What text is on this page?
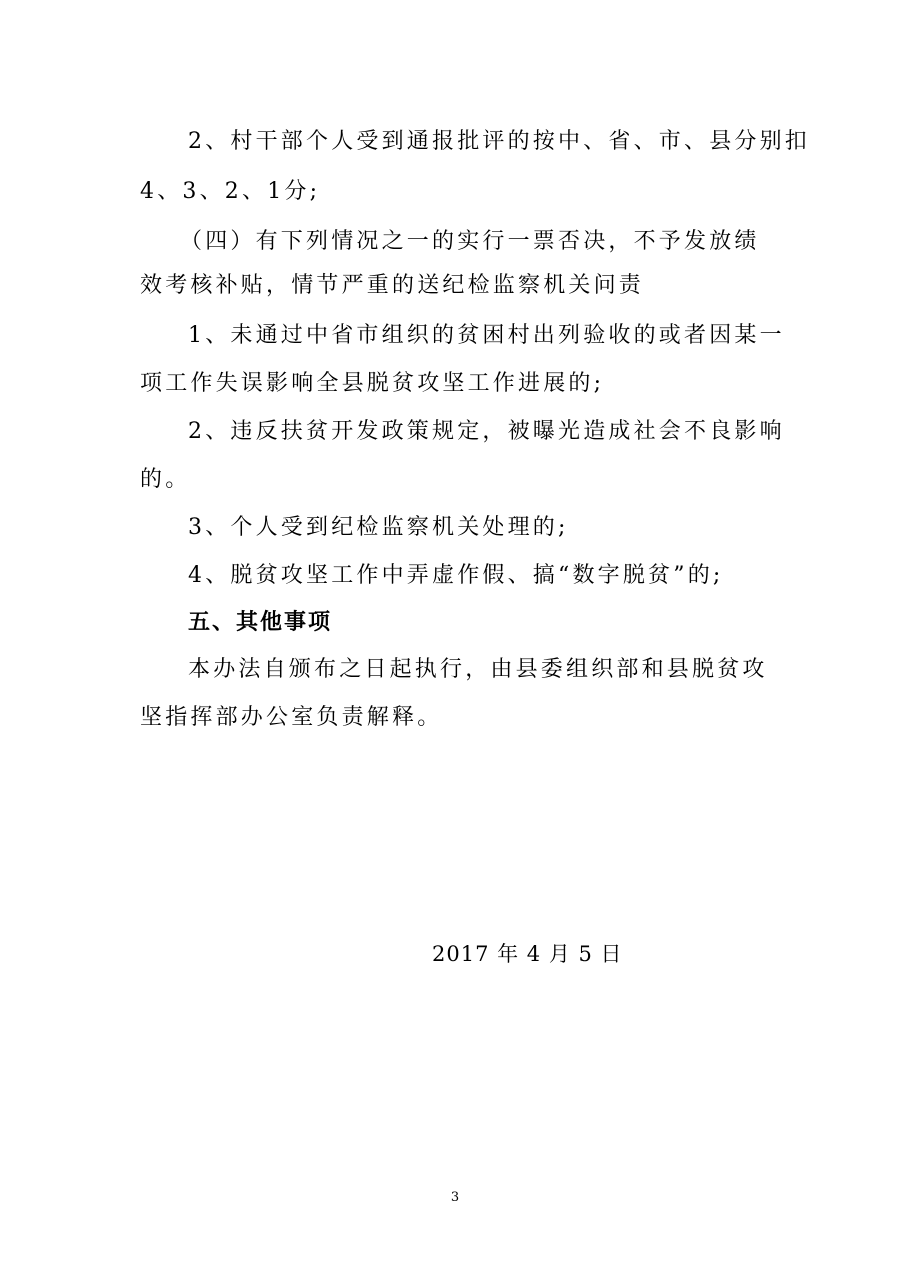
2、村干部个人受到通报批评的按中、省、市、县分别扣
4、3、2、1分;
（四）有下列情况之一的实行一票否决，不予发放绩
效考核补贴，情节严重的送纪检监察机关问责
1、未通过中省市组织的贫困村出列验收的或者因某一
项工作失误影响全县脱贫攻坚工作进展的;
2、违反扶贫开发政策规定，被曝光造成社会不良影响
的。
3、个人受到纪检监察机关处理的;
4、脱贫攻坚工作中弄虚作假、搞“数字脱贫”的;
五、其他事项
本办法自颁布之日起执行，由县委组织部和县脱贫攻
坚指挥部办公室负责解释。
2017 年 4 月 5 日
3
